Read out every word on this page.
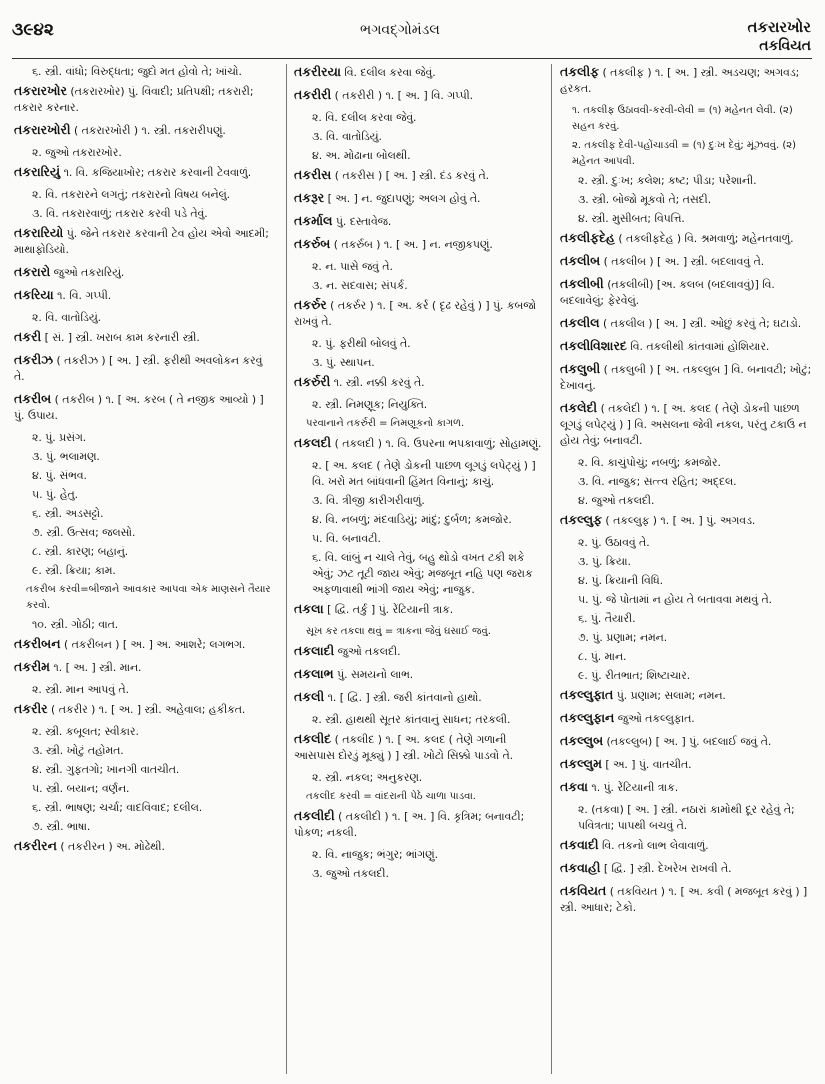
૩૯૪૨	ભગવદ્ગોમંડલ	તકરારખોર
તકવિયત
૬. સ્ત્રી. વાંધો; વિરુદ્ધતા; જુદો મત હોવો તે; ખાંચો.
તકરારખોર (તકરારખોર) પું. વિવાદી; પ્રતિપક્ષી; તકરારી; તકરાર કરનાર.
તકરારખોરી ( તકરારખોરી ) ૧. સ્ત્રી. તકરારીપણું.
૨. જુઓ તકરારખોર.
તકરારિયું ૧. વિ. કજિયાખોર; તકરાર કરવાની ટેવવાળું.
૨. વિ. તકરારને લગતું; તકરારનો વિષય બનેલું.
૩. વિ. તકરારવાળું; તકરાર કરવી પડે તેવું.
તકરારિયો પું. જેને તકરાર કરવાની ટેવ હોય એવો આદમી; માથાફોડિયો.
તકરારો જુઓ તકરારિયું.
તકરિયા ૧. વિ. ગપ્પી.
૨. વિ. વાતોડિયું.
તકરી [ સં. ] સ્ત્રી. ખરાબ કામ કરનારી સ્ત્રી.
તકરીઝ ( તકરીઝ ) [ અ. ] સ્ત્રી. ફરીથી અવલોકન કરવું તે.
તકરીબ ( તકરીબ ) ૧. [ અ. કરબ ( તે નજીક આવ્યો ) ] પું. ઉપાય.
૨. પું. પ્રસંગ.
૩. પું. ભલામણ.
૪. પું. સંભવ.
૫. પું. હેતુ.
૬. સ્ત્રી. અડસટ્ટો.
૭. સ્ત્રી. ઉત્સવ; જલસો.
૮. સ્ત્રી. કારણ; બહાનું.
૯. સ્ત્રી. ક્રિયા; કામ.
તકરીબ કરવી=બીજાને આવકાર આપવા એક માણસને તૈયાર કરવો.
૧૦. સ્ત્રી. ગોઠી; વાત.
તકરીબન ( તકરીબન ) [ અ. ] અ. આશરે; લગભગ.
તકરીમ ૧. [ અ. ] સ્ત્રી. માન.
૨. સ્ત્રી. માન આપવું તે.
તકરીર ( તકરીર ) ૧. [ અ. ] સ્ત્રી. અહેવાલ; હકીકત.
૨. સ્ત્રી. કબૂલત; સ્વીકાર.
૩. સ્ત્રી. ખોટું તહોમત.
૪. સ્ત્રી. ગુફતગો; ખાનગી વાતચીત.
૫. સ્ત્રી. બયાન; વર્ણન.
૬. સ્ત્રી. ભાષણ; ચર્ચા; વાદવિવાદ; દલીલ.
૭. સ્ત્રી. ભાષા.
તકરીરન ( તકરીરન ) અ. મોઢેથી.
તકરીરયા વિ. દલીલ કરવા જેવું.
તકરીરી ( તકરીરી ) ૧. [ અ. ] વિ. ગપ્પી.
૨. વિ. દલીલ કરવા જેવું.
૩. વિ. વાતોડિયું.
૪. અ. મોઢાના બોલથી.
તકરીસ ( તકરીસ ) [ અ. ] સ્ત્રી. દંડ કરવું તે.
તકરૂર [ અ. ] ન. જુદાપણું; અલગ હોવું તે.
તકર્માલ પું. દસ્તાવેજ.
તકર્રુબ ( તકર્રુબ ) ૧. [ અ. ] ન. નજીકપણું.
૨. ન. પાસે જવું તે.
૩. ન. સદવાસ; સંપર્ક.
તકર્રુર ( તકર્રુર ) ૧. [ અ. કર્ર ( દૃઢ રહેવું ) ] પું. કબજો રાખવું તે.
૨. પું. ફરીથી બોલવું તે.
૩. પું. સ્થાપન.
તકર્રુરી ૧. સ્ત્રી. નક્કી કરવું તે.
૨. સ્ત્રી. નિમણૂક; નિયુક્તિ.
પરવાનાને તકર્રુરી = નિમણૂકનો કાગળ.
તકલદી ( તકલદી ) ૧. વિ. ઉપરના ભપકાવાળું; સોહામણું.
૨. [ અ. કલદ ( તેણે ડોકની પાછળ લૂગડું લપેટ્યું ) ] વિ. ખરો મત બાંધવાની હિંમત વિનાનું; કાચું.
૩. વિ. ત્રીજી કારીગરીવાળું.
૪. વિ. નબળું; મંદવાડિયું; માંદું; દુર્બળ; કમજોર.
૫. વિ. બનાવટી.
૬. વિ. લાંબું ન ચાલે તેવું, બહુ થોડો વખત ટકી શકે એવું; ઝટ તૂટી જાય એવું; મજબૂત નહિ પણ જરાક અફળાવાથી ભાંગી જાય એવું; નાજુક.
તકલા [ દ્વિ. તર્કુ ] પું. રેંટિયાની ત્રાક.
સૂખ કર તકલા થવું = ત્રાકના જેવું ઘસાઈ જવું.
તકલાદી જુઓ તકલદી.
તકલાભ પું. સમયનો લાભ.
તકલી ૧. [ દ્વિ. ] સ્ત્રી. જરી કાંતવાનો હાથો.
૨. સ્ત્રી. હાથથી સૂતર કાંતવાનું સાધન; તરકલી.
તકલીદ ( તકલીદ ) ૧. [ અ. કલદ ( તેણે ગળાની આસપાસ દોરડું મૂક્યું ) ] સ્ત્રી. ખોટો સિક્કો પાડવો તે.
૨. સ્ત્રી. નકલ; અનુકરણ.
તકલીદ કરવી = વાંદરાની પેઠે ચાળા પાડવા.
તકલીદી ( તકલીદી ) ૧. [ અ. ] વિ. કૃત્રિમ; બનાવટી; પોકળ; નકલી.
૨. વિ. નાજુક; ભંગુર; ભાંગણું.
૩. જુઓ તકલદી.
તકલીફ ( તકલીફ ) ૧. [ અ. ] સ્ત્રી. અડચણ; અગવડ; હરકત.
૧. તકલીફ ઉઠાવવી-કરવી-લેવી = (૧) મહેનત લેવી. (૨) સહન કરવું.
૨. તકલીફ દેવી-પહોંચાડવી = (૧) દુઃખ દેવું; મૂંઝવવું. (૨) મહેનત આપવી.
૨. સ્ત્રી. દુઃખ; કલેશ; કષ્ટ; પીડા; પરેશાની.
૩. સ્ત્રી. બોજો મૂકવો તે; તસદી.
૪. સ્ત્રી. મુસીબત; વિપત્તિ.
તકલીફદેહ ( તકલીફદેહ ) વિ. શ્રમવાળું; મહેનતવાળું.
તકલીબ ( તકલીબ ) [ અ. ] સ્ત્રી. બદલાવવું તે.
તકલીબી (તકલીબી) [અ. કલબ (બદલાવવું)] વિ. બદલાવેલું; ફેરવેલું.
તકલીલ ( તકલીલ ) [ અ. ] સ્ત્રી. ઓછું કરવું તે; ઘટાડો.
તકલીવિશારદ વિ. તકલીથી કાંતવામાં હોશિયાર.
તકલુબી ( તકલુબી ) [ અ. તકલ્લુબ ] વિ. બનાવટી; ખોટું; દેખાવનું.
તકલેદી ( તકલેદી ) ૧. [ અ. કલદ ( તેણે ડોકની પાછળ લૂગડું લપેટ્યું ) ] વિ. અસલના જેવી નકલ, પરંતુ ટકાઉ ન હોય તેવું; બનાવટી.
૨. વિ. કાચુંપોચું; નબળું; કમજોર.
૩. વિ. નાજુક; સત્ત્વ રહિત; અદ્દલ.
૪. જુઓ તકલદી.
તકલ્લુફ ( તકલ્લુફ ) ૧. [ અ. ] પું. અગવડ.
૨. પું. ઉઠાવવું તે.
૩. પું. ક્રિયા.
૪. પું. ક્રિયાની વિધિ.
૫. પું. જે પોતામાં ન હોય તે બતાવવા મથવું તે.
૬. પું. તૈયારી.
૭. પું. પ્રણામ; નમન.
૮. પું. માન.
૯. પું. રીતભાત; શિષ્ટાચાર.
તકલ્લુફાત પું. પ્રણામ; સલામ; નમન.
તકલ્લુફાન જુઓ તકલ્લુફાત.
તકલ્લુબ (તકલ્લુબ) [ અ. ] પું. બદલાઈ જવું તે.
તકલ્લુમ [ અ. ] પું. વાતચીત.
તકવા ૧. પું. રેંટિયાની ત્રાક.
૨. (તકવા) [ અ. ] સ્ત્રી. નઠારાં કામોથી દૂર રહેવું તે; પવિત્રતા; પાપથી બચવું તે.
તકવાદી વિ. તકનો લાભ લેવાવાળું.
તકવાહી [ દ્વિ. ] સ્ત્રી. દેખરેખ રાખવી તે.
તકવિયત ( તકવિયત ) ૧. [ અ. કવી ( મજબૂત કરવું ) ] સ્ત્રી. આધાર; ટેકો.
